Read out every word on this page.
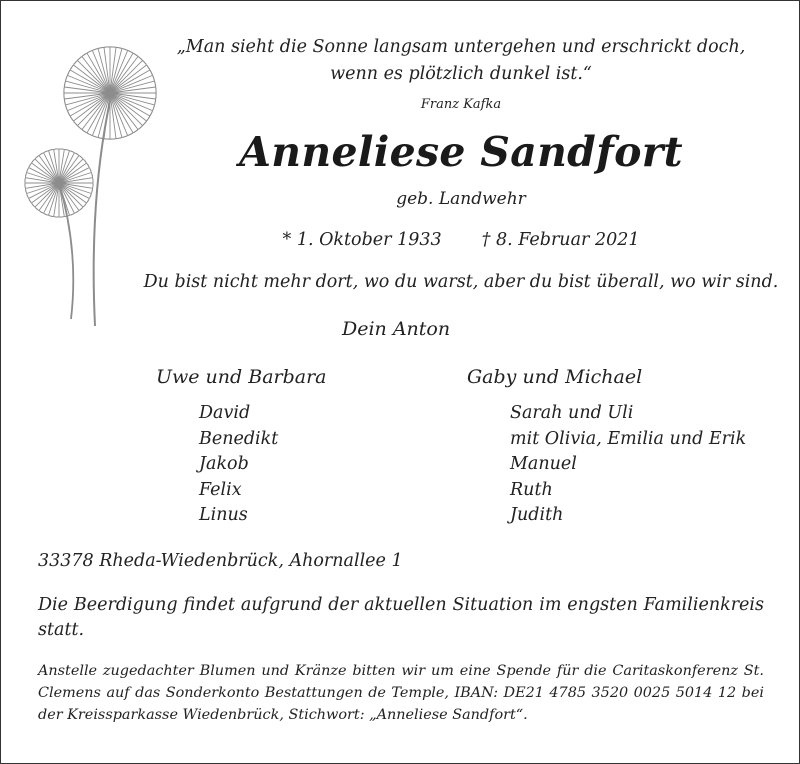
„Man sieht die Sonne langsam untergehen und erschrickt doch,
wenn es plötzlich dunkel ist.“
Franz Kafka
Anneliese Sandfort
geb. Landwehr
* 1. Oktober 1933 † 8. Februar 2021
Du bist nicht mehr dort, wo du warst, aber du bist überall, wo wir sind.
Dein Anton
Uwe und Barbara	Gaby und Michael
David
Benedikt
Jakob
Felix
Linus
Sarah und Uli
mit Olivia, Emilia und Erik
Manuel
Ruth
Judith
33378 Rheda-Wiedenbrück, Ahornallee 1
Die Beerdigung findet aufgrund der aktuellen Situation im engsten Familienkreis statt.
Anstelle zugedachter Blumen und Kränze bitten wir um eine Spende für die Caritaskonferenz St. Clemens auf das Sonderkonto Bestattungen de Temple, IBAN: DE21 4785 3520 0025 5014 12 bei der Kreissparkasse Wiedenbrück, Stichwort: „Anneliese Sandfort“.
